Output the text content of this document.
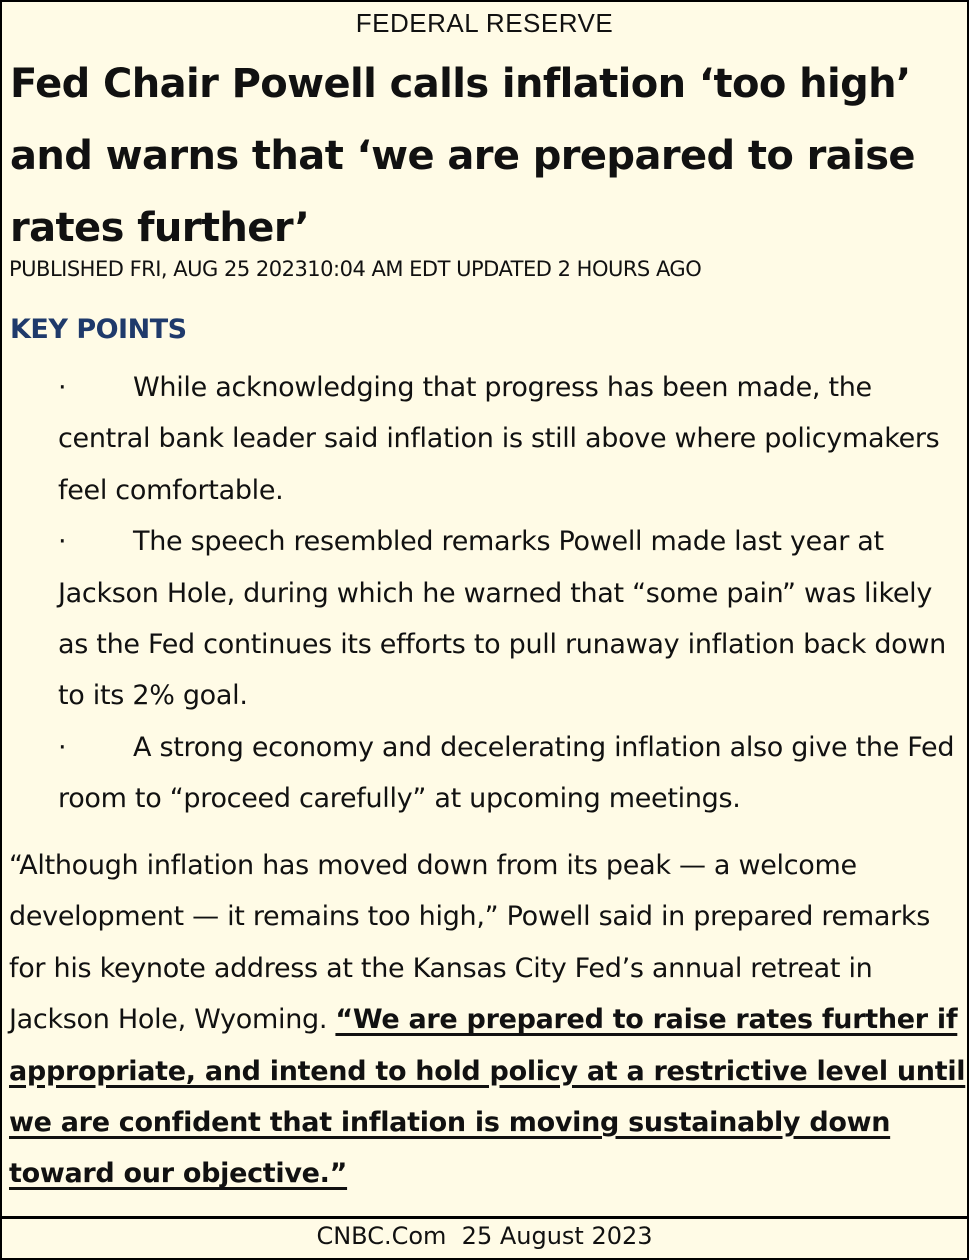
FEDERAL RESERVE
Fed Chair Powell calls inflation ‘too high’ and warns that ‘we are prepared to raise rates further’
PUBLISHED FRI, AUG 25 202310:04 AM EDT UPDATED 2 HOURS AGO
KEY POINTS
· While acknowledging that progress has been made, the central bank leader said inflation is still above where policymakers feel comfortable.
· The speech resembled remarks Powell made last year at Jackson Hole, during which he warned that “some pain” was likely as the Fed continues its efforts to pull runaway inflation back down to its 2% goal.
· A strong economy and decelerating inflation also give the Fed room to “proceed carefully” at upcoming meetings.
“Although inflation has moved down from its peak — a welcome development — it remains too high,” Powell said in prepared remarks for his keynote address at the Kansas City Fed’s annual retreat in Jackson Hole, Wyoming. “We are prepared to raise rates further if appropriate, and intend to hold policy at a restrictive level until we are confident that inflation is moving sustainably down toward our objective.”
CNBC.Com  25 August 2023
